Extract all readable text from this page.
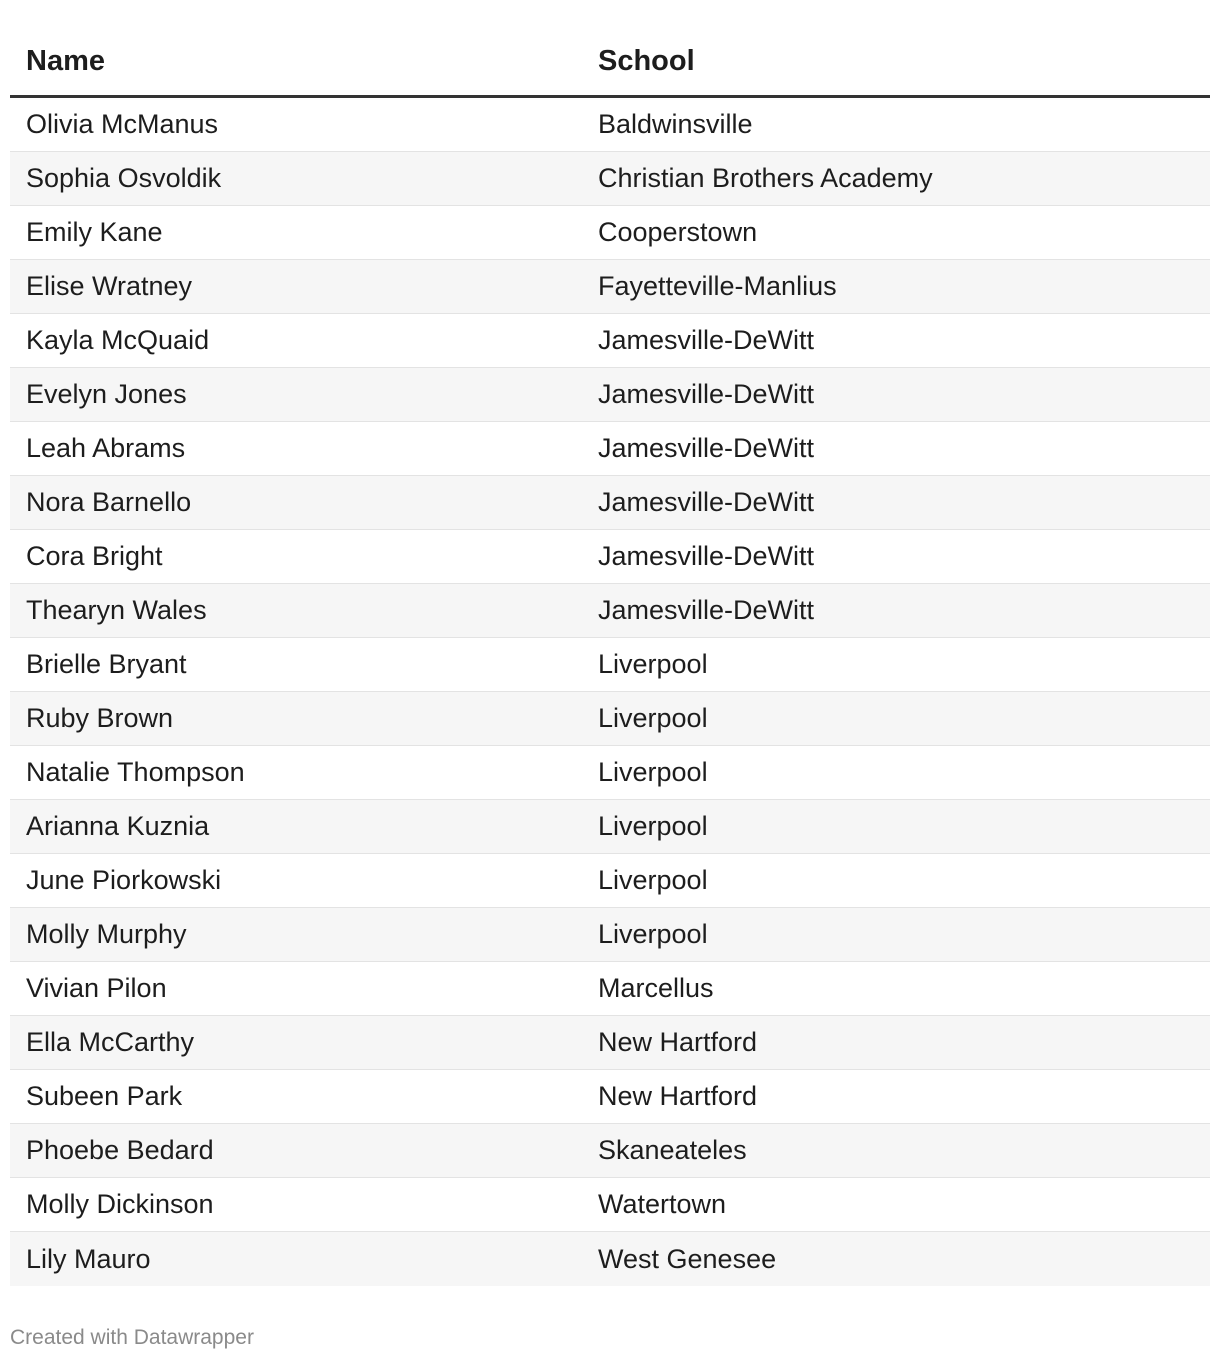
Name	School
Olivia McManus	Baldwinsville
Sophia Osvoldik	Christian Brothers Academy
Emily Kane	Cooperstown
Elise Wratney	Fayetteville-Manlius
Kayla McQuaid	Jamesville-DeWitt
Evelyn Jones	Jamesville-DeWitt
Leah Abrams	Jamesville-DeWitt
Nora Barnello	Jamesville-DeWitt
Cora Bright	Jamesville-DeWitt
Thearyn Wales	Jamesville-DeWitt
Brielle Bryant	Liverpool
Ruby Brown	Liverpool
Natalie Thompson	Liverpool
Arianna Kuznia	Liverpool
June Piorkowski	Liverpool
Molly Murphy	Liverpool
Vivian Pilon	Marcellus
Ella McCarthy	New Hartford
Subeen Park	New Hartford
Phoebe Bedard	Skaneateles
Molly Dickinson	Watertown
Lily Mauro	West Genesee
Created with Datawrapper
